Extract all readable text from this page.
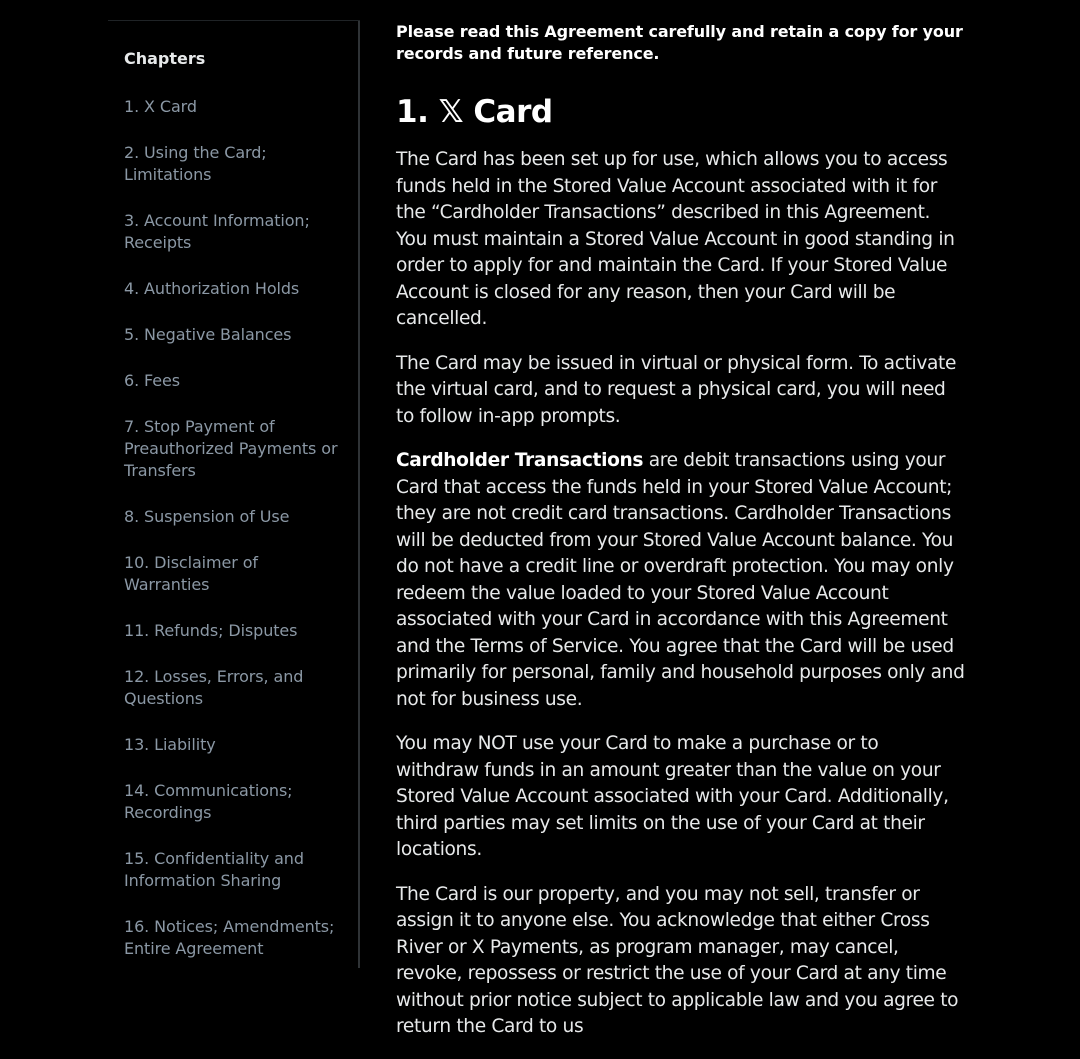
Chapters
1. X Card
2. Using the Card; Limitations
3. Account Information; Receipts
4. Authorization Holds
5. Negative Balances
6. Fees
7. Stop Payment of Preauthorized Payments or Transfers
8. Suspension of Use
10. Disclaimer of Warranties
11. Refunds; Disputes
12. Losses, Errors, and Questions
13. Liability
14. Communications; Recordings
15. Confidentiality and Information Sharing
16. Notices; Amendments; Entire Agreement

Please read this Agreement carefully and retain a copy for your records and future reference.

1. 𝕏 Card

The Card has been set up for use, which allows you to access funds held in the Stored Value Account associated with it for the “Cardholder Transactions” described in this Agreement. You must maintain a Stored Value Account in good standing in order to apply for and maintain the Card. If your Stored Value Account is closed for any reason, then your Card will be cancelled.

The Card may be issued in virtual or physical form. To activate the virtual card, and to request a physical card, you will need to follow in-app prompts.

Cardholder Transactions are debit transactions using your Card that access the funds held in your Stored Value Account; they are not credit card transactions. Cardholder Transactions will be deducted from your Stored Value Account balance. You do not have a credit line or overdraft protection. You may only redeem the value loaded to your Stored Value Account associated with your Card in accordance with this Agreement and the Terms of Service. You agree that the Card will be used primarily for personal, family and household purposes only and not for business use.

You may NOT use your Card to make a purchase or to withdraw funds in an amount greater than the value on your Stored Value Account associated with your Card. Additionally, third parties may set limits on the use of your Card at their locations.

The Card is our property, and you may not sell, transfer or assign it to anyone else. You acknowledge that either Cross River or X Payments, as program manager, may cancel, revoke, repossess or restrict the use of your Card at any time without prior notice subject to applicable law and you agree to return the Card to us
